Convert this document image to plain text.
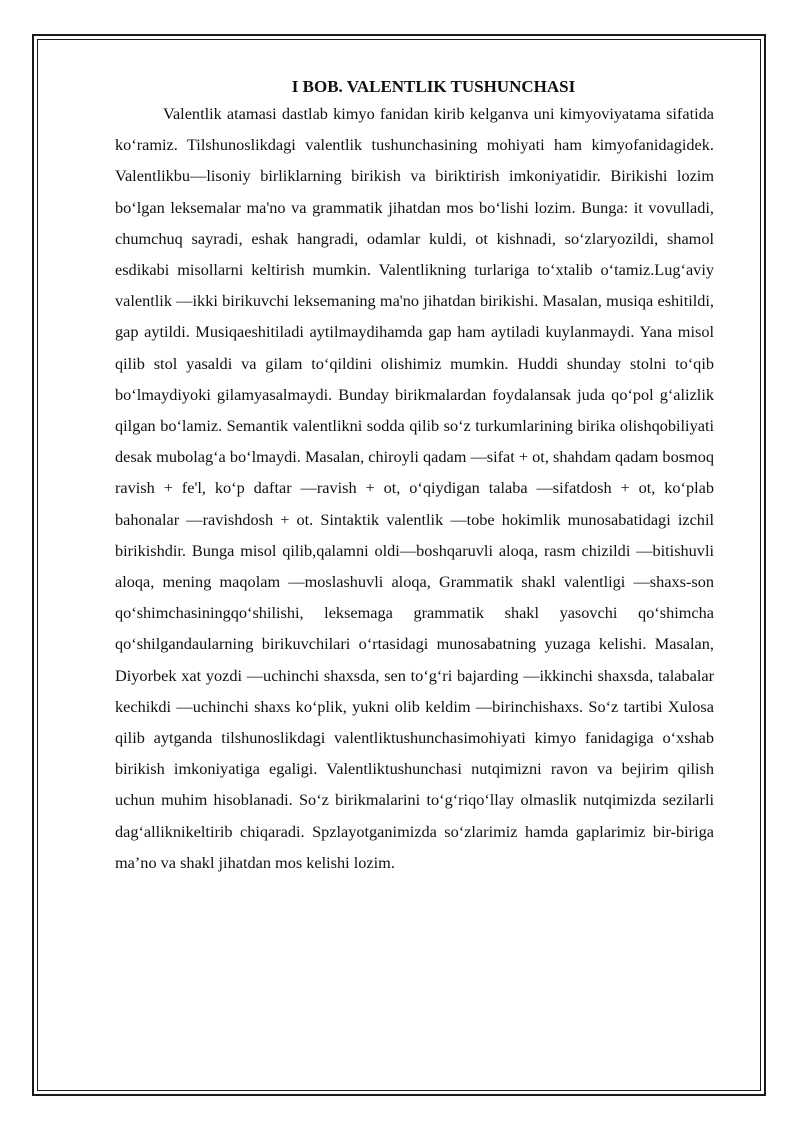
I BOB. VALENTLIK TUSHUNCHASI

Valentlik atamasi dastlab kimyo fanidan kirib kelganva uni kimyoviyatama sifatida ko‘ramiz. Tilshunoslikdagi valentlik tushunchasining mohiyati ham kimyofanidagidek. Valentlikbu—lisoniy birliklarning birikish va biriktirish imkoniyatidir. Birikishi lozim bo‘lgan leksemalar ma'no va grammatik jihatdan mos bo‘lishi lozim. Bunga: it vovulladi, chumchuq sayradi, eshak hangradi, odamlar kuldi, ot kishnadi, so‘zlaryozildi, shamol esdikabi misollarni keltirish mumkin. Valentlikning turlariga to‘xtalib o‘tamiz.Lug‘aviy valentlik —ikki birikuvchi leksemaning ma'no jihatdan birikishi. Masalan, musiqa eshitildi, gap aytildi. Musiqaeshitiladi aytilmaydihamda gap ham aytiladi kuylanmaydi. Yana misol qilib stol yasaldi va gilam to‘qildini olishimiz mumkin. Huddi shunday stolni to‘qib bo‘lmaydiyoki gilamyasalmaydi. Bunday birikmalardan foydalansak juda qo‘pol g‘alizlik qilgan bo‘lamiz. Semantik valentlikni sodda qilib so‘z turkumlarining birika olishqobiliyati desak mubolag‘a bo‘lmaydi. Masalan, chiroyli qadam —sifat + ot, shahdam qadam bosmoq ravish + fe'l, ko‘p daftar —ravish + ot, o‘qiydigan talaba —sifatdosh + ot, ko‘plab bahonalar —ravishdosh + ot. Sintaktik valentlik —tobe hokimlik munosabatidagi izchil birikishdir. Bunga misol qilib,qalamni oldi—boshqaruvli aloqa, rasm chizildi —bitishuvli aloqa, mening maqolam —moslashuvli aloqa, Grammatik shakl valentligi —shaxs-son qo‘shimchasiningqo‘shilishi, leksemaga grammatik shakl yasovchi qo‘shimcha qo‘shilgandaularning birikuvchilari o‘rtasidagi munosabatning yuzaga kelishi. Masalan, Diyorbek xat yozdi —uchinchi shaxsda, sen to‘g‘ri bajarding —ikkinchi shaxsda, talabalar kechikdi —uchinchi shaxs ko‘plik, yukni olib keldim —birinchishaxs. So‘z tartibi Xulosa qilib aytganda tilshunoslikdagi valentliktushunchasimohiyati kimyo fanidagiga o‘xshab birikish imkoniyatiga egaligi. Valentliktushunchasi nutqimizni ravon va bejirim qilish uchun muhim hisoblanadi. So‘z birikmalarini to‘g‘riqo‘llay olmaslik nutqimizda sezilarli dag‘alliknikeltirib chiqaradi. Spzlayotganimizda so‘zlarimiz hamda gaplarimiz bir-biriga ma’no va shakl jihatdan mos kelishi lozim.
